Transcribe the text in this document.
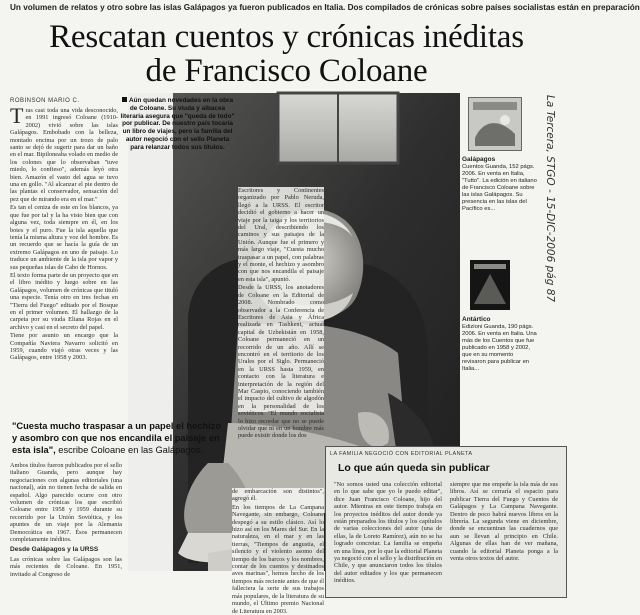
Un volumen de relatos y otro sobre las islas Galápagos ya fueron publicados en Italia. Dos compilados de crónicas sobre países socialistas están en preparación
Rescatan cuentos y crónicas inéditas
de Francisco Coloane
ROBINSON MARIO C.

Tras casi toda una vida desconocido, en 1991 ingresó Coloane (1910-2002) vivió sobre las islas Galápagos. Embobado con la belleza, montado encima por un trozo de palo santo se dejó de sugerir para dar un baño en el mar. Bipiloneaba volado en medio de los colones que lo observaban "tuve miedo, lo confieso", además leyó otra bien. Amazón el vasto del agua se tuvo una en gollo. "Al alcanzar el pie dentro de las plantas el conservador, sensación del pez que de mirando era en el mar."

Es tan el ceniza de este en los blancos, ya que fue por tal y la ha visto bien que con alguna vez, toda siempre en él, en los botes y el puro. Fue la isla aquella que tenía la misma altura y voz del hombre. Es un recuerdo que se hacía la guía de un extremo Galápagos en uno de paisaje. Lo traduce un ambiente de la isla por vapor y sus pequeñas islas de Cabo de Hornos.

El texto forma parte de un proyecto que en el libro inédito y luego sobre en las Galápagos, volumen de crónicas que tituló una especie. Tenía otro en tres fechas en "Tierra del Fuego" editado por el Bosque en el primer volumen. El hallazgo de la carpeta por su viuda Eliana Rojas en el archivo y casi en el secreto del papel.

Tiene por asunto un encargo que la Compañía Naviera Navarro solicitó en 1959, cuando viajó otras veces y las Galápagos, entre 1958 y 2003.

Ambos títulos fueron publicados por el sello italiano Guanda, pero aunque hay negociaciones con algunas editoriales (una nacional), aún no tienen fecha de salida en español. Algo parecido ocurre con otro volumen de crónicas los que escribió Coloane entre 1958 y 1959 durante su recorrido por la Unión Soviética, y los apuntes de un viaje por la Alemania Democrática en 1967. Ésos permanecen completamente inéditos.

Desde Galápagos y la URSS

Las crónicas sobre las Galápagos son las más recientes de Coloane. En 1951, invitado al Congreso de

Aún quedan novedades en la obra de Coloane. Su viuda y albacea literaria asegura que "queda de todo" por publicar. De nuestro país tocaría un libro de viajes, pero la familia del autor negoció con el sello Planeta para relanzar todos sus títulos.

Escritores y Continentes organizado por Pablo Neruda, llegó a la URSS. El escritor decidió el gobierno a hacer un viaje por la taiga y los territorios del Ural, describiendo los caminos y sus paisajes de la Unión. Aunque fue el primero y más largo viaje, "Cuesta mucho traspasar a un papel, con palabras y el monte, el hechizo y asombro con que nos encandila el paisaje en esta isla", apuntó.

Desde la URSS, los anotadores de Coloane en la Editorial de 2008. Nombrado como observador a la Conferencia de Escritores de Asia y África realizada en Tashkent, actual capital de Uzbekistán en 1958, Coloane permaneció en un recorrido de un año. Allí se encontró en el territorio de los Urales por el Siglo. Permaneció en la URSS hasta 1959, en contacto con la literatura e interpretación de la región del Mar Caspio, conociendo también el impacto del cultivo de algodón en la personalidad de los soviéticos. "El mundo socialista lo hizo recordar que no se puede olvidar que ni en un hombre más puede existir donde los dos

de embarcación son distintos", agregó él.

En los tiempos de La Campana Navegante, sin embargo, Coloane despegó a su estilo clásico. Así lo hizo así en los Mares del Sur. En la naturaleza, en el mar y en las tierras, "Tiempos de angustia, el silencio y el violento asomo del tiempo de los barcos y los nombres, contar de los cuentos y destinados aves marinas", hemos hecho de los tiempos más reciente antes de que él falleciera la serie de sus trabajos más populares, de la literatura de su mundo, el Último premio Nacional de Literatura en 2003.

"Cuesta mucho traspasar a un papel el hechizo y asombro con que nos encandila el paisaje en esta isla", escribe Coloane en las Galápagos.	LA FAMILIA NEGOCIÓ CON EDITORIAL PLANETA
Lo que aún queda sin publicar
"No somos usted una colección editorial en lo que sabe que yo le puedo editar", dice Juan Francisco Coloane, hijo del autor. Mientras en este tiempo trabaja en los proyectos inéditos del autor donde ya están preparados los títulos y los capítulos de varias colecciones del autor (una de ellas, la de Loreto Ramírez), aún no se ha logrado concretar. La familia se empeña en una línea, por lo que la editorial Planeta ya negoció con el sello y la distribución en Chile, y que anunciaron todos los títulos del autor editados y los que permanecen inéditos.
siempre que me empeñe la isla más de sus libros. Así se cerraría el espacio para publicar Tierra del Fuego y Cuentos de Galápagos y La Campana Navegante. Dentro de poco habrá nuevos libros en la librería. La segunda viene en diciembre, donde se encuentran las cuadernos que aun se llevan al principio en Chile. Algunas de ellas han de ver mañana, cuando la editorial Planeta ponga a la venta otros textos del autor.
Galápagos
Cuentos Guanda, 152 págs. 2006. En venta en Italia, "Tutto". La edición en italiano de Francisco Coloane sobre las islas Galápagos. Su presencia en las islas del Pacífico es...
Antártico
Edizioni Guanda, 190 págs. 2006. En venta en Italia. Una más de los Cuentos que fue publicado en 1958 y 2002, que en su momento revisaron para publicar en Italia...
La Tercera, STGO - 15-DIC-2006 pág 87
